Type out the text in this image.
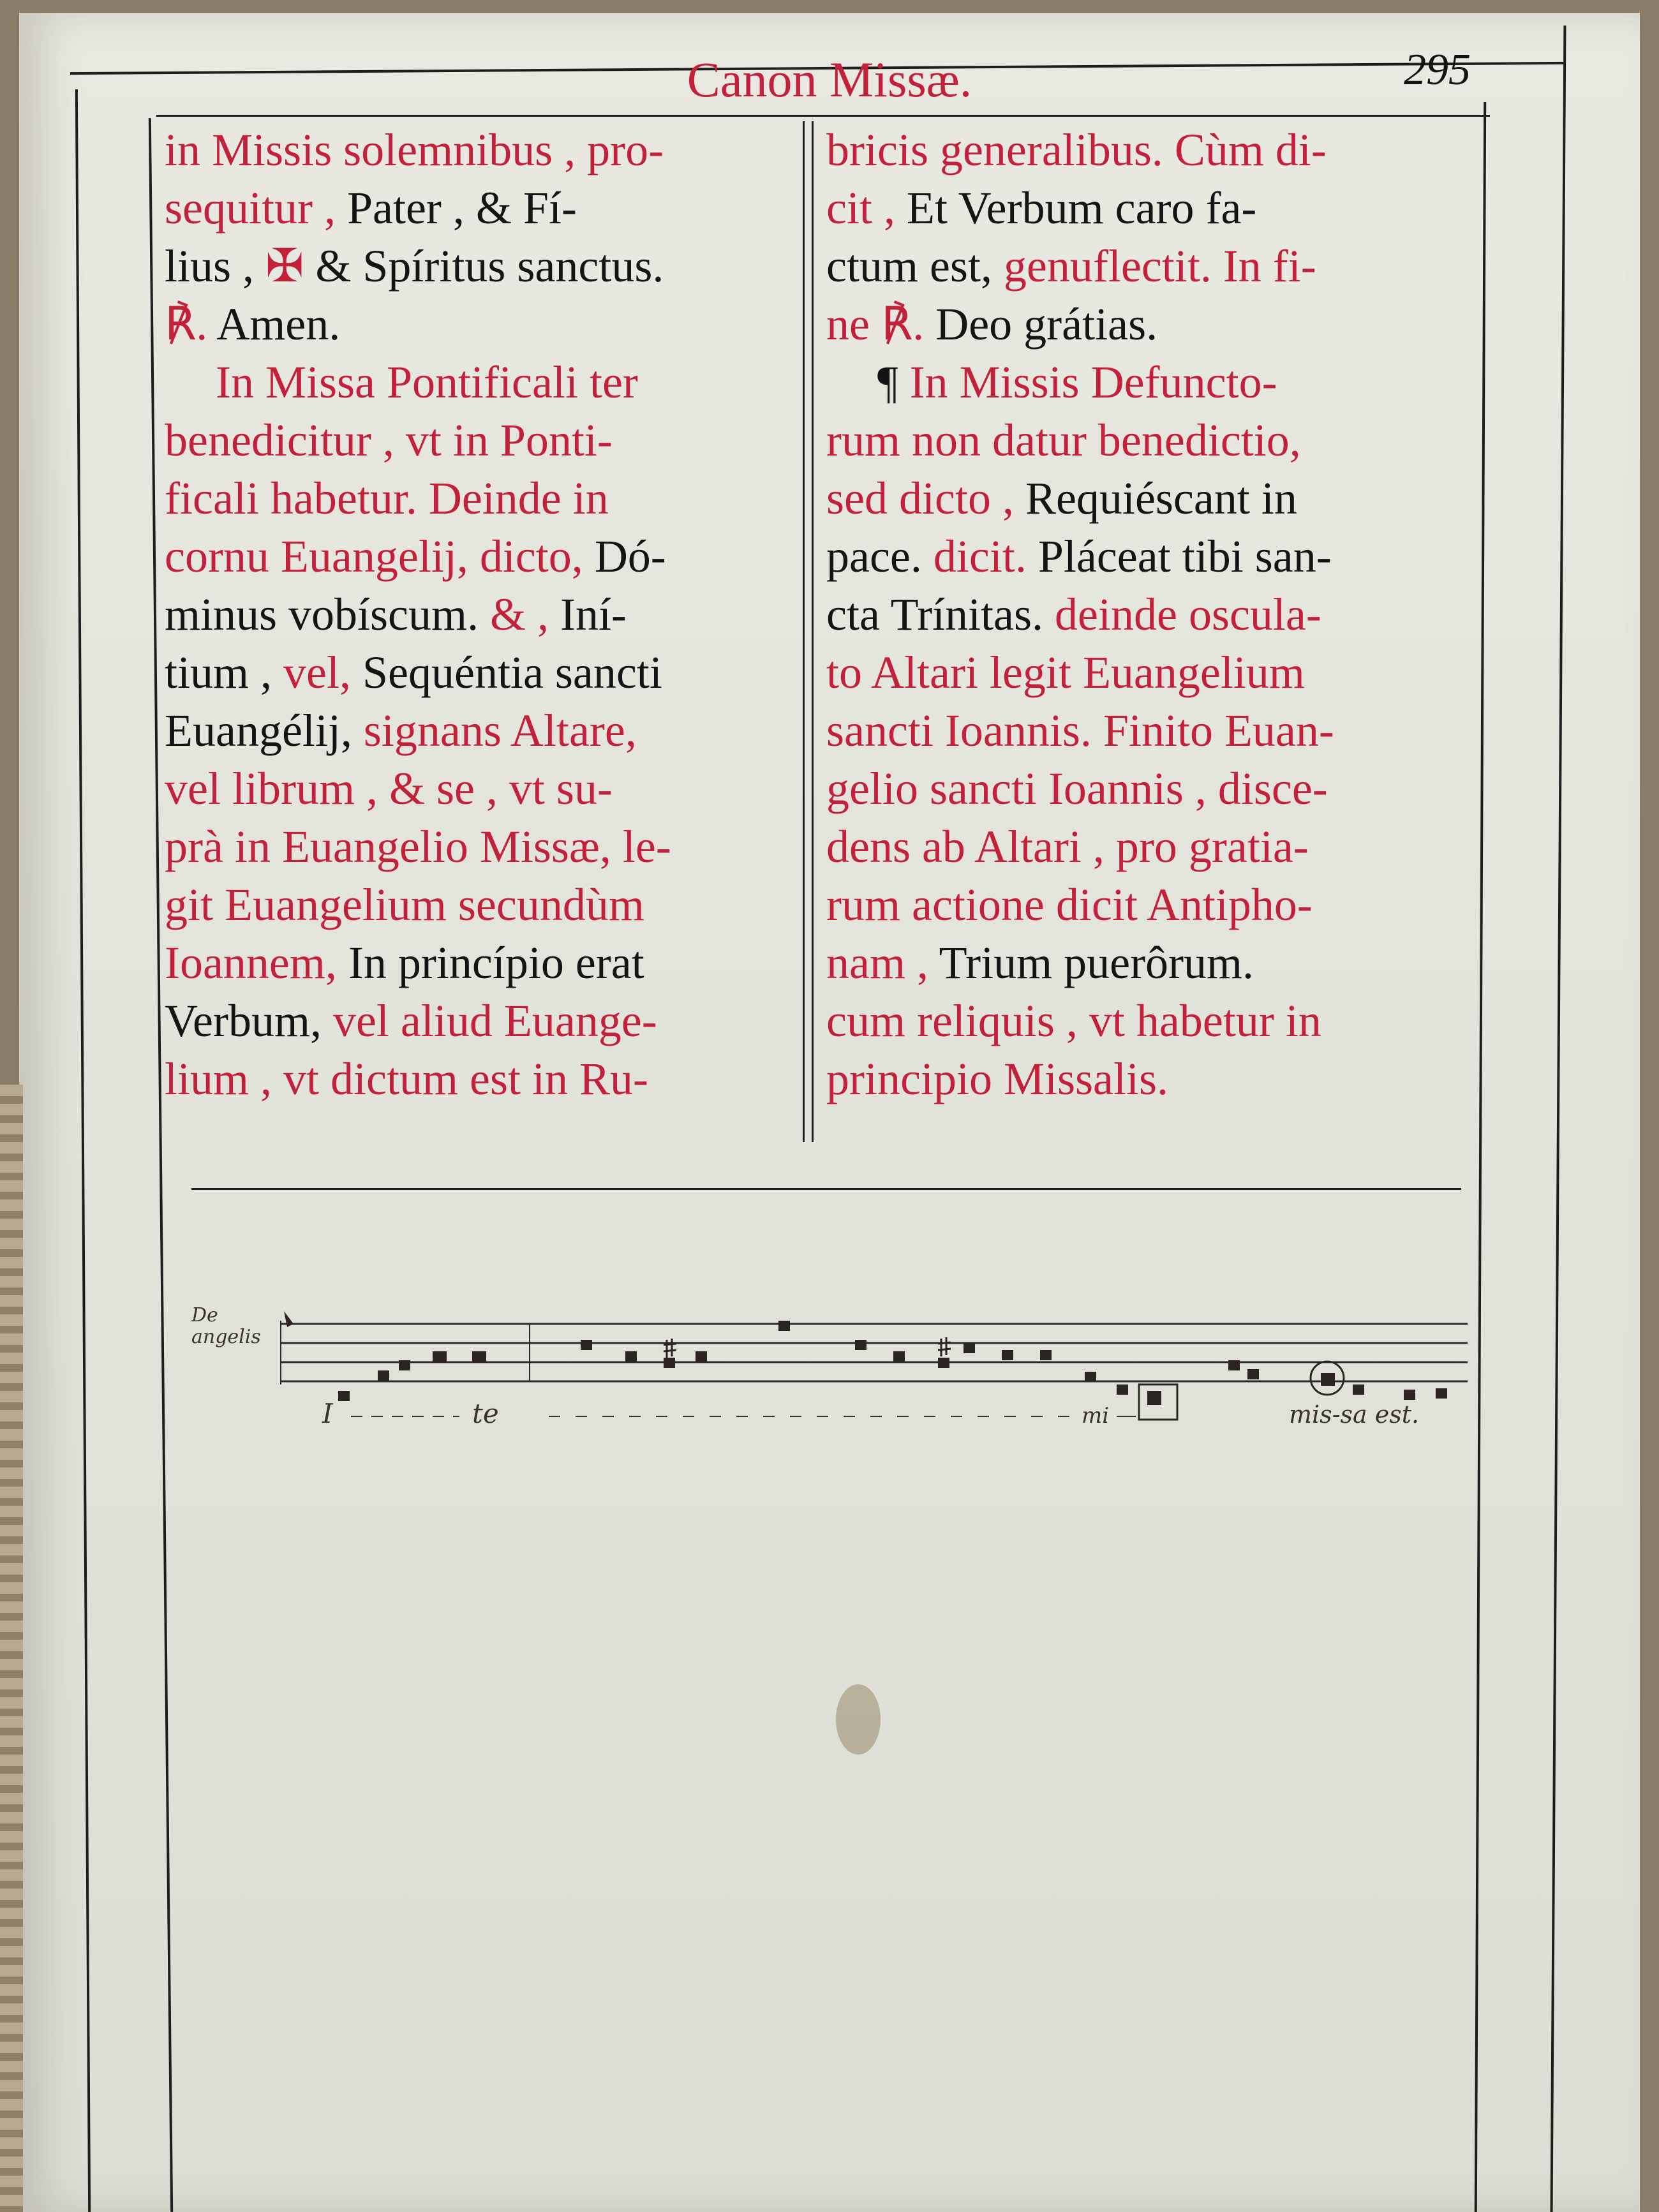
Canon Missæ.	295
in Missis solemnibus , pro-
sequitur , Pater , & Fí-
lius , ✠ & Spíritus sanctus.
℟. Amen.
In Missa Pontificali ter
benedicitur , vt in Ponti-
ficali habetur. Deinde in
cornu Euangelij, dicto, Dó-
minus vobíscum. & , Iní-
tium , vel, Sequéntia sancti
Euangélij, signans Altare,
vel librum , & se , vt su-
prà in Euangelio Missæ, le-
git Euangelium secundùm
Ioannem, In princípio erat
Verbum, vel aliud Euange-
lium , vt dictum est in Ru-
bricis generalibus. Cùm di-
cit , Et Verbum caro fa-
ctum est, genuflectit. In fi-
ne ℟. Deo grátias.
¶ In Missis Defuncto-
rum non datur benedictio,
sed dicto , Requiéscant in
pace. dicit. Pláceat tibi san-
cta Trínitas. deinde oscula-
to Altari legit Euangelium
sancti Ioannis. Finito Euan-
gelio sancti Ioannis , disce-
dens ab Altari , pro gratia-
rum actione dicit Antipho-
nam , Trium puerôrum.
cum reliquis , vt habetur in
principio Missalis.
De
angelis
I	te	mi	mis-sa est.
